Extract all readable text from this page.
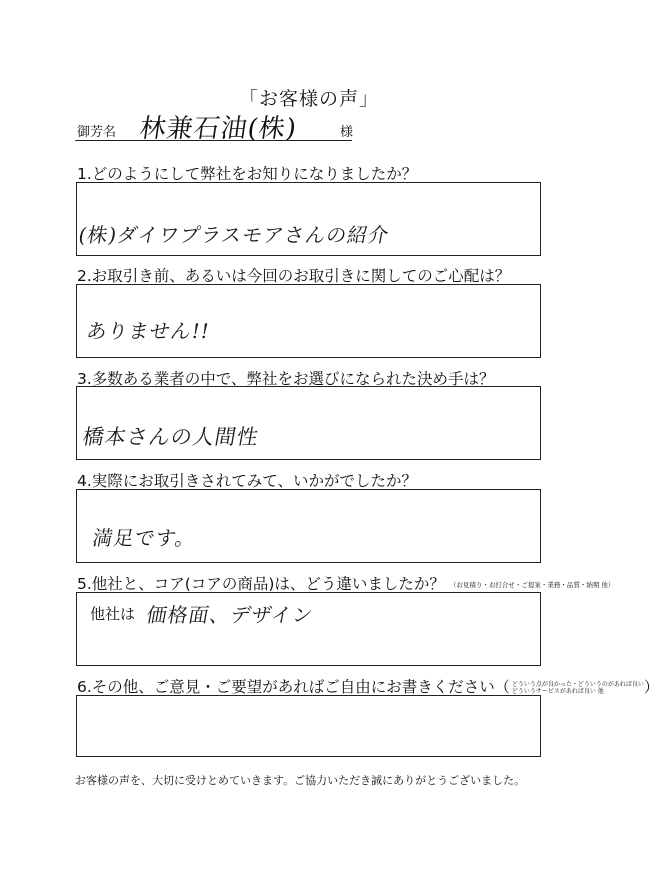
「お客様の声」
御芳名 林兼石油(株)	様
1.どのようにして弊社をお知りになりましたか？
(株)ダイワプラスモアさんの紹介
2.お取引き前、あるいは今回のお取引きに関してのご心配は？
ありません!!
3.多数ある業者の中で、弊社をお選びになられた決め手は？
橋本さんの人間性
4.実際にお取引きされてみて、いかがでしたか？
満足です。
5.他社と、コア(コアの商品)は、どう違いましたか？ （お見積り・お打合せ・ご提案・業務・品質・納期 他）
他社は 価格面、デザイン
6.その他、ご意見・ご要望があればご自由にお書きください（ どういう点が良かった・どういうのがあれば良い
どういうサービスがあれば良い 他	）
お客様の声を、大切に受けとめていきます。ご協力いただき誠にありがとうございました。
